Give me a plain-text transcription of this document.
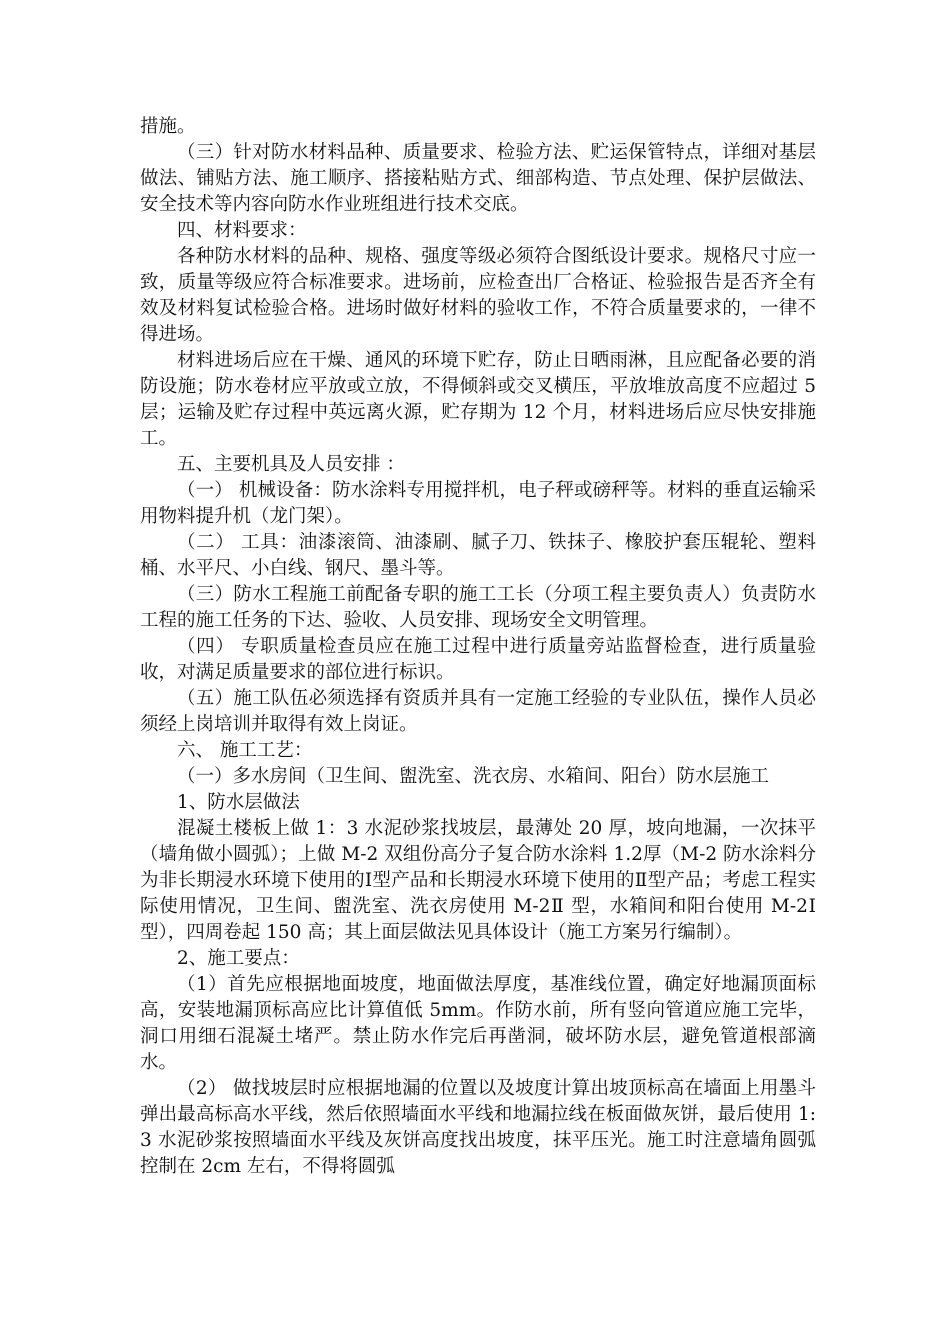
措施。

（三）针对防水材料品种、质量要求、检验方法、贮运保管特点，详细对基层做法、铺贴方法、施工顺序、搭接粘贴方式、细部构造、节点处理、保护层做法、安全技术等内容向防水作业班组进行技术交底。

四、材料要求：

各种防水材料的品种、规格、强度等级必须符合图纸设计要求。规格尺寸应一致，质量等级应符合标准要求。进场前，应检查出厂合格证、检验报告是否齐全有效及材料复试检验合格。进场时做好材料的验收工作，不符合质量要求的，一律不得进场。

材料进场后应在干燥、通风的环境下贮存，防止日晒雨淋，且应配备必要的消防设施；防水卷材应平放或立放，不得倾斜或交叉横压，平放堆放高度不应超过 5 层；运输及贮存过程中英远离火源，贮存期为 12 个月，材料进场后应尽快安排施工。

五、主要机具及人员安排 ：

（一） 机械设备：防水涂料专用搅拌机，电子秤或磅秤等。材料的垂直运输采用物料提升机（龙门架）。

（二） 工具：油漆滚筒、油漆刷、腻子刀、铁抹子、橡胶护套压辊轮、塑料桶、水平尺、小白线、钢尺、墨斗等。

（三）防水工程施工前配备专职的施工工长（分项工程主要负责人）负责防水工程的施工任务的下达、验收、人员安排、现场安全文明管理。

（四） 专职质量检查员应在施工过程中进行质量旁站监督检查，进行质量验收，对满足质量要求的部位进行标识。

（五）施工队伍必须选择有资质并具有一定施工经验的专业队伍，操作人员必须经上岗培训并取得有效上岗证。

六、 施工工艺：

（一）多水房间（卫生间、盥洗室、洗衣房、水箱间、阳台）防水层施工

1、防水层做法

混凝土楼板上做 1：3 水泥砂浆找坡层，最薄处 20 厚，坡向地漏，一次抹平（墙角做小圆弧）；上做 M-2 双组份高分子复合防水涂料 1.2厚（M-2 防水涂料分为非长期浸水环境下使用的Ⅰ型产品和长期浸水环境下使用的Ⅱ型产品；考虑工程实际使用情况，卫生间、盥洗室、洗衣房使用 M-2Ⅱ 型，水箱间和阳台使用 M-2Ⅰ 型），四周卷起 150 高；其上面层做法见具体设计（施工方案另行编制）。

2、施工要点：

（1）首先应根据地面坡度，地面做法厚度，基准线位置，确定好地漏顶面标高，安装地漏顶标高应比计算值低 5mm。作防水前，所有竖向管道应施工完毕，洞口用细石混凝土堵严。禁止防水作完后再凿洞，破坏防水层，避免管道根部滴水。

（2） 做找坡层时应根据地漏的位置以及坡度计算出坡顶标高在墙面上用墨斗弹出最高标高水平线，然后依照墙面水平线和地漏拉线在板面做灰饼，最后使用 1:3 水泥砂浆按照墙面水平线及灰饼高度找出坡度，抹平压光。施工时注意墙角圆弧控制在 2cm 左右，不得将圆弧
